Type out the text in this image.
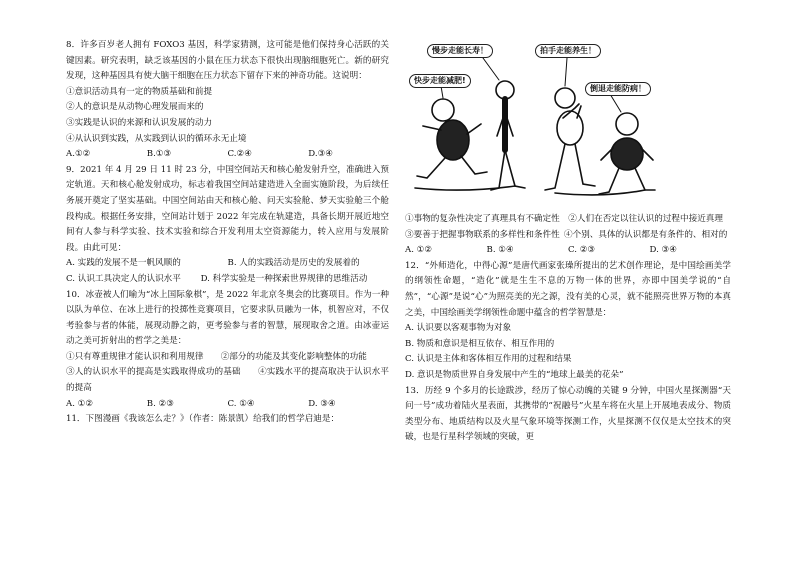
8．许多百岁老人拥有 FOXO3 基因，科学家猜测，这可能是他们保持身心活跃的关键因素。研究表明，缺乏该基因的小鼠在压力状态下很快出现脑细胞死亡。新的研究发现，这种基因具有使大脑干细胞在压力状态下留存下来的神奇功能。这说明：

①意识活动具有一定的物质基础和前提

②人的意识是从动物心理发展而来的

③实践是认识的来源和认识发展的动力

④从认识到实践，从实践到认识的循环永无止境

A.①②	B.①③	C.②④	D.③④

9．2021 年 4 月 29 日 11 时 23 分，中国空间站天和核心舱发射升空，准确进入预定轨道。天和核心舱发射成功，标志着我国空间站建造进入全面实施阶段，为后续任务展开奠定了坚实基础。中国空间站由天和核心舱、问天实验舱、梦天实验舱三个舱段构成。根据任务安排，空间站计划于 2022 年完成在轨建造，具备长期开展近地空间有人参与科学实验、技术实验和综合开发利用太空资源能力，转入应用与发展阶段。由此可见：

A. 实践的发展不是一帆风顺的	B. 人的实践活动是历史的发展着的
C. 认识工具决定人的认识水平	D. 科学实验是一种探索世界规律的思维活动

10．冰壶被人们喻为“冰上国际象棋”，是 2022 年北京冬奥会的比赛项目。作为一种以队为单位、在冰上进行的投掷性竞赛项目，它要求队员融为一体，机智应对，不仅考验参与者的体能，展现动静之韵，更考验参与者的智慧，展现取舍之道。由冰壶运动之美可折射出的哲学之美是：

①只有尊重规律才能认识和利用规律   ②部分的功能及其变化影响整体的功能

③人的认识水平的提高是实践取得成功的基础   ④实践水平的提高取决于认识水平的提高

A. ①②	B. ②③	C. ①④	D. ③④

11．下图漫画《我该怎么走？》（作者：陈景凯）给我们的哲学启迪是：

慢步走能长寿！
快步走能减肥!
拍手走能养生！
倒退走能防病！

①事物的复杂性决定了真理具有不确定性  ②人们在否定以往认识的过程中接近真理

③要善于把握事物联系的多样性和条件性  ④个别、具体的认识都是有条件的、相对的

A. ①②	B. ①④	C. ②③	D. ③④

12．“外师造化，中得心源”是唐代画家张璪所提出的艺术创作理论，是中国绘画美学的纲领性命题，“造化”就是生生不息的万物一体的世界，亦即中国美学说的“自然”，“心源”是说“心”为照亮美的光之源，没有美的心灵，就不能照亮世界万物的本真之美，中国绘画美学纲领性命题中蕴含的哲学智慧是：

A. 认识要以客观事物为对象

B. 物质和意识是相互依存、相互作用的

C. 认识是主体和客体相互作用的过程和结果

D. 意识是物质世界自身发展中产生的“地球上最美的花朵”

13．历经 9 个多月的长途跋涉，经历了惊心动魄的关键 9 分钟，中国火星探测器“天问一号”成功着陆火星表面，其携带的“祝融号”火星车将在火星上开展地表成分、物质类型分布、地质结构以及火星气象环境等探测工作，火星探测不仅仅是太空技术的突破，也是行星科学领域的突破，更
